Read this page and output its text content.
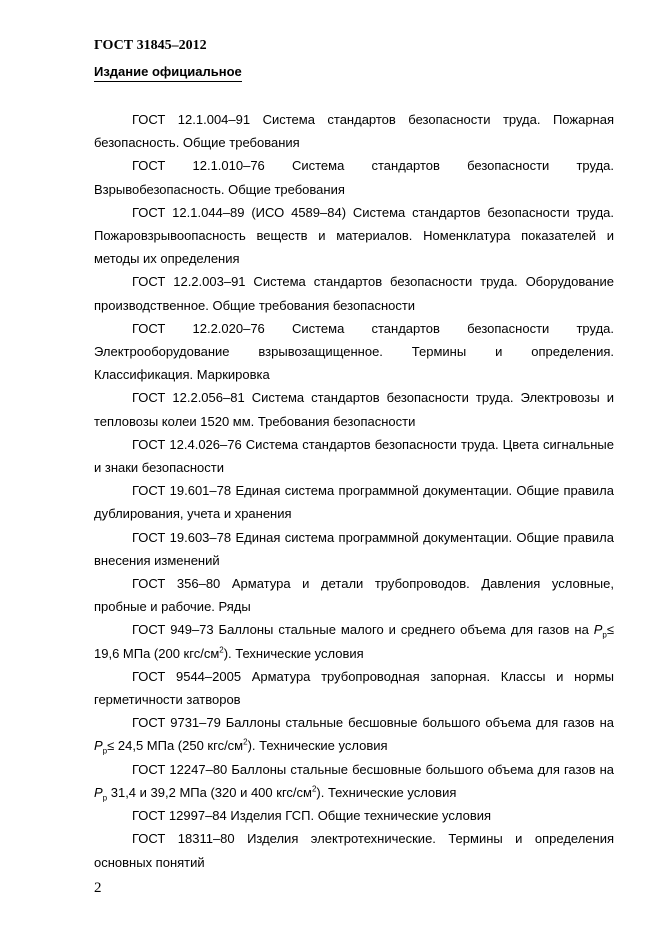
ГОСТ 31845–2012
Издание официальное

ГОСТ 12.1.004–91 Система стандартов безопасности труда. Пожарная безопасность. Общие требования

ГОСТ 12.1.010–76 Система стандартов безопасности труда. Взрывобезопасность. Общие требования

ГОСТ 12.1.044–89 (ИСО 4589–84) Система стандартов безопасности труда. Пожаровзрывоопасность веществ и материалов. Номенклатура показателей и методы их определения

ГОСТ 12.2.003–91 Система стандартов безопасности труда. Оборудование производственное. Общие требования безопасности

ГОСТ 12.2.020–76 Система стандартов безопасности труда. Электрооборудование взрывозащищенное. Термины и определения. Классификация. Маркировка

ГОСТ 12.2.056–81 Система стандартов безопасности труда. Электровозы и тепловозы колеи 1520 мм. Требования безопасности

ГОСТ 12.4.026–76 Система стандартов безопасности труда. Цвета сигнальные и знаки безопасности

ГОСТ 19.601–78 Единая система программной документации. Общие правила дублирования, учета и хранения

ГОСТ 19.603–78 Единая система программной документации. Общие правила внесения изменений

ГОСТ 356–80 Арматура и детали трубопроводов. Давления условные, пробные и рабочие. Ряды

ГОСТ 949–73 Баллоны стальные малого и среднего объема для газов на $P_p\le 19,6$ МПа (200 кгс/$см^2$). Технические условия

ГОСТ 9544–2005 Арматура трубопроводная запорная. Классы и нормы герметичности затворов

ГОСТ 9731–79 Баллоны стальные бесшовные большого объема для газов на $P_р\le 24,5$ МПа (250 кгс/$см^2$). Технические условия

ГОСТ 12247–80 Баллоны стальные бесшовные большого объема для газов на $P_р$ 31,4 и 39,2 МПа (320 и 400 кгс/$см^2$). Технические условия

ГОСТ 12997–84 Изделия ГСП. Общие технические условия

ГОСТ 18311–80 Изделия электротехнические. Термины и определения основных понятий

2
